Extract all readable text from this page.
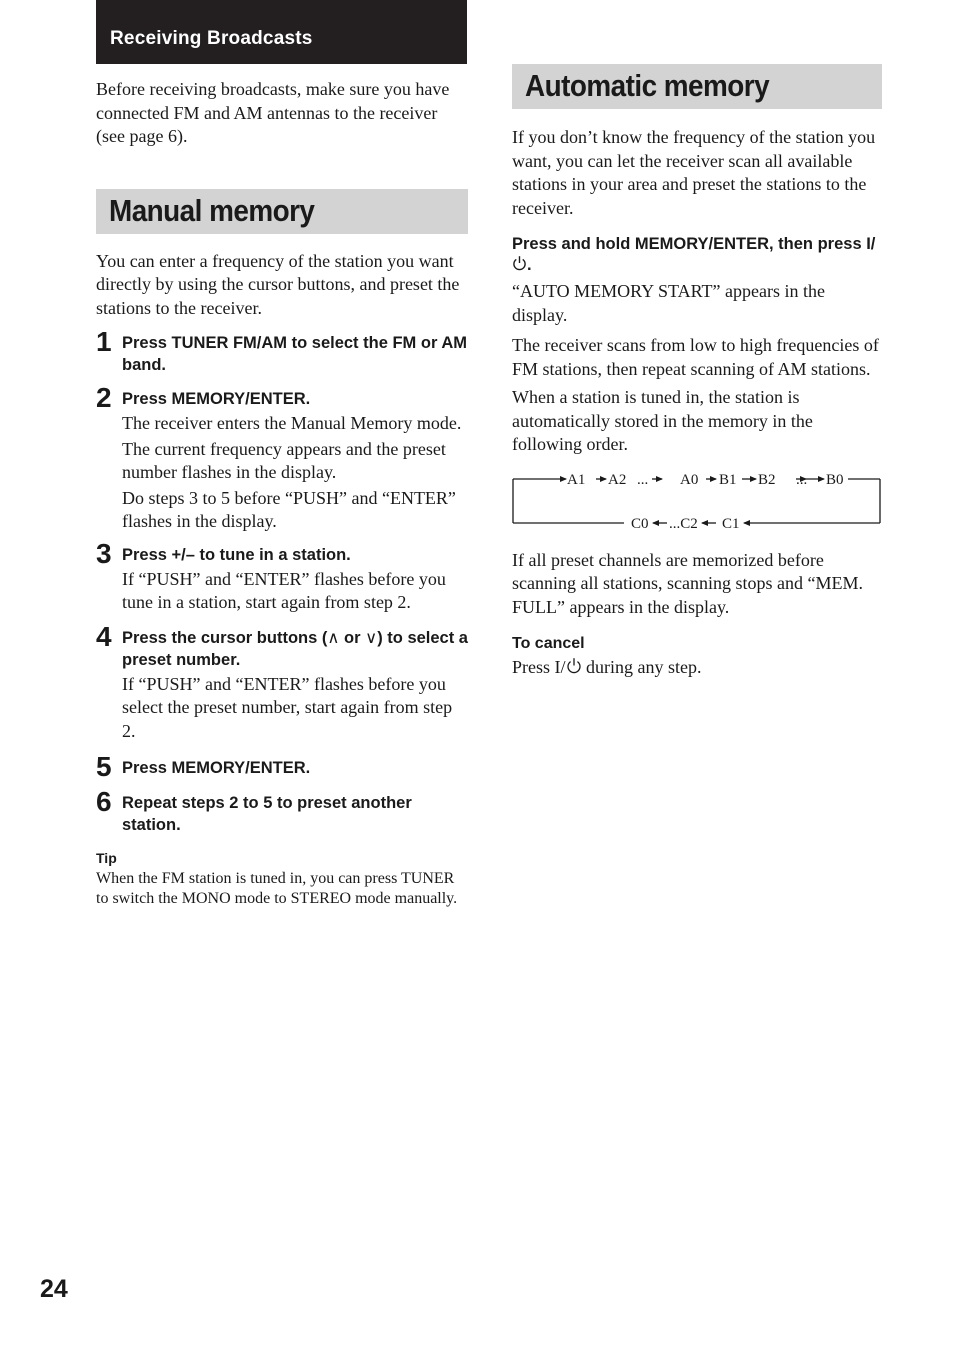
Receiving Broadcasts

Before receiving broadcasts, make sure you have connected FM and AM antennas to the receiver (see page 6).

Manual memory

You can enter a frequency of the station you want directly by using the cursor buttons, and preset the stations to the receiver.

1 Press TUNER FM/AM to select the FM or AM band.

2 Press MEMORY/ENTER.

The receiver enters the Manual Memory mode.

The current frequency appears and the preset number flashes in the display.

Do steps 3 to 5 before “PUSH” and “ENTER” flashes in the display.

3 Press +/– to tune in a station.

If “PUSH” and “ENTER” flashes before you tune in a station, start again from step 2.

4 Press the cursor buttons (∧ or ∨) to select a preset number.

If “PUSH” and “ENTER” flashes before you select the preset number, start again from step 2.

5 Press MEMORY/ENTER.

6 Repeat steps 2 to 5 to preset another station.

Tip

When the FM station is tuned in, you can press TUNER to switch the MONO mode to STEREO mode manually.

Automatic memory

If you don’t know the frequency of the station you want, you can let the receiver scan all available stations in your area and preset the stations to the receiver.

Press and hold MEMORY/ENTER, then press I/.

“AUTO MEMORY START” appears in the display.

The receiver scans from low to high frequencies of FM stations, then repeat scanning of AM stations.

When a station is tuned in, the station is automatically stored in the memory in the following order.

A1 A2 ... A0 B1 B2 ... B0
C0 ...C2 C1

If all preset channels are memorized before scanning all stations, scanning stops and “MEM. FULL” appears in the display.

To cancel

Press I/ during any step.

24
